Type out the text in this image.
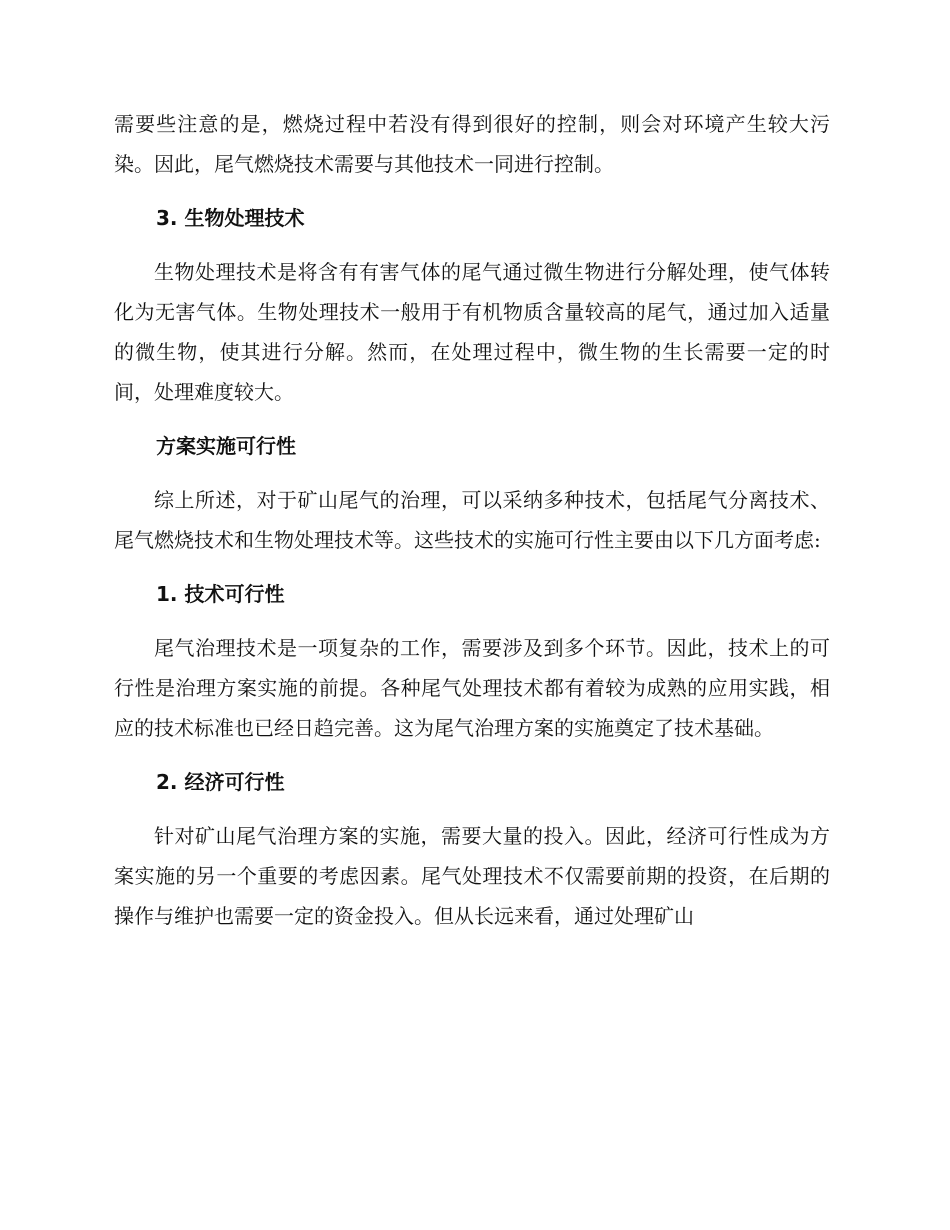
需要些注意的是，燃烧过程中若没有得到很好的控制，则会对环境产生较大污染。因此，尾气燃烧技术需要与其他技术一同进行控制。

3. 生物处理技术

生物处理技术是将含有有害气体的尾气通过微生物进行分解处理，使气体转化为无害气体。生物处理技术一般用于有机物质含量较高的尾气，通过加入适量的微生物，使其进行分解。然而，在处理过程中，微生物的生长需要一定的时间，处理难度较大。

方案实施可行性

综上所述，对于矿山尾气的治理，可以采纳多种技术，包括尾气分离技术、尾气燃烧技术和生物处理技术等。这些技术的实施可行性主要由以下几方面考虑:

1. 技术可行性

尾气治理技术是一项复杂的工作，需要涉及到多个环节。因此，技术上的可行性是治理方案实施的前提。各种尾气处理技术都有着较为成熟的应用实践，相应的技术标准也已经日趋完善。这为尾气治理方案的实施奠定了技术基础。

2. 经济可行性

针对矿山尾气治理方案的实施，需要大量的投入。因此，经济可行性成为方案实施的另一个重要的考虑因素。尾气处理技术不仅需要前期的投资，在后期的操作与维护也需要一定的资金投入。但从长远来看，通过处理矿山
